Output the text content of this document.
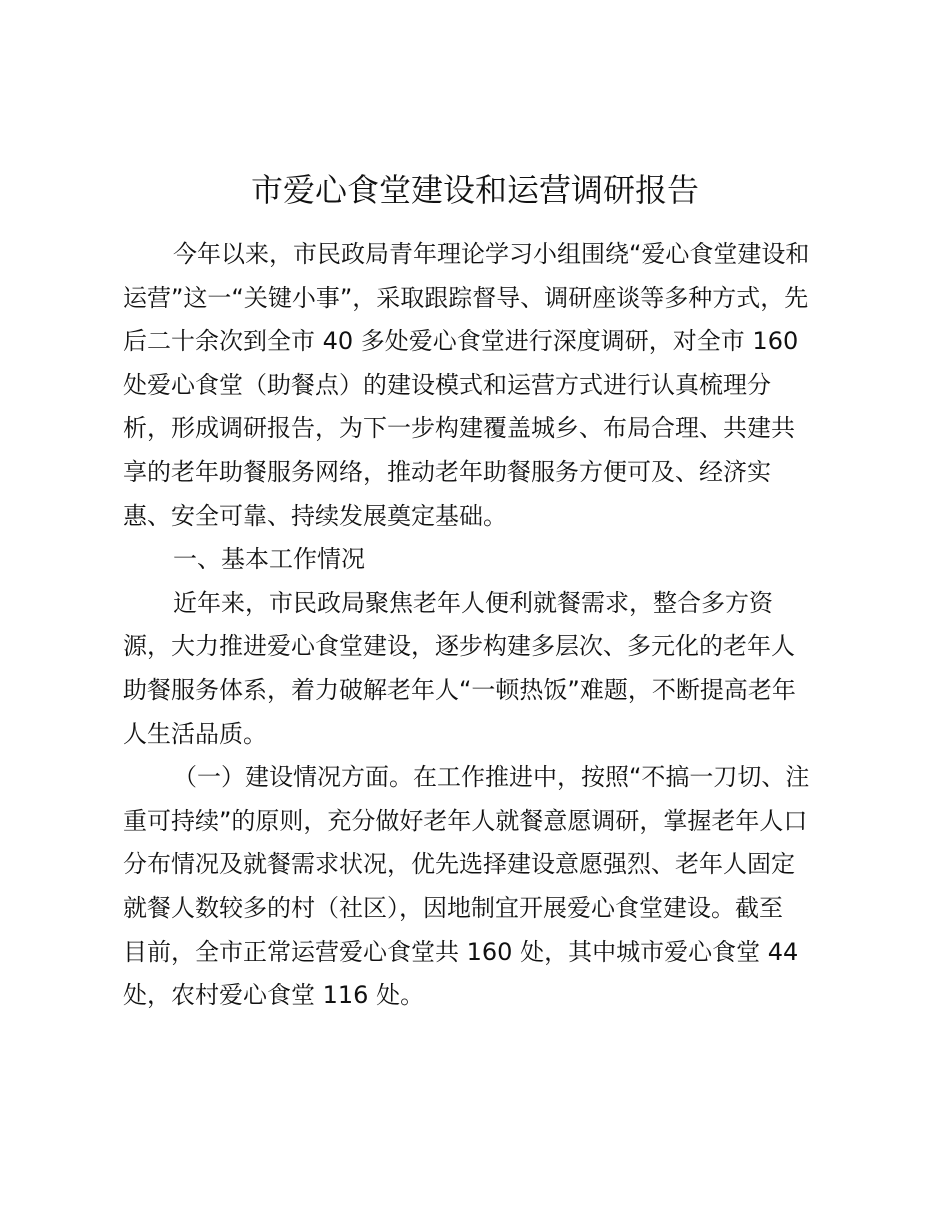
市爱心食堂建设和运营调研报告
今年以来，市民政局青年理论学习小组围绕“爱心食堂建设和
运营”这一“关键小事”，采取跟踪督导、调研座谈等多种方式，先
后二十余次到全市 40 多处爱心食堂进行深度调研，对全市 160
处爱心食堂（助餐点）的建设模式和运营方式进行认真梳理分
析，形成调研报告，为下一步构建覆盖城乡、布局合理、共建共
享的老年助餐服务网络，推动老年助餐服务方便可及、经济实
惠、安全可靠、持续发展奠定基础。
一、基本工作情况
近年来，市民政局聚焦老年人便利就餐需求，整合多方资
源，大力推进爱心食堂建设，逐步构建多层次、多元化的老年人
助餐服务体系，着力破解老年人“一顿热饭”难题，不断提高老年
人生活品质。
（一）建设情况方面。在工作推进中，按照“不搞一刀切、注
重可持续”的原则，充分做好老年人就餐意愿调研，掌握老年人口
分布情况及就餐需求状况，优先选择建设意愿强烈、老年人固定
就餐人数较多的村（社区），因地制宜开展爱心食堂建设。截至
目前，全市正常运营爱心食堂共 160 处，其中城市爱心食堂 44
处，农村爱心食堂 116 处。
